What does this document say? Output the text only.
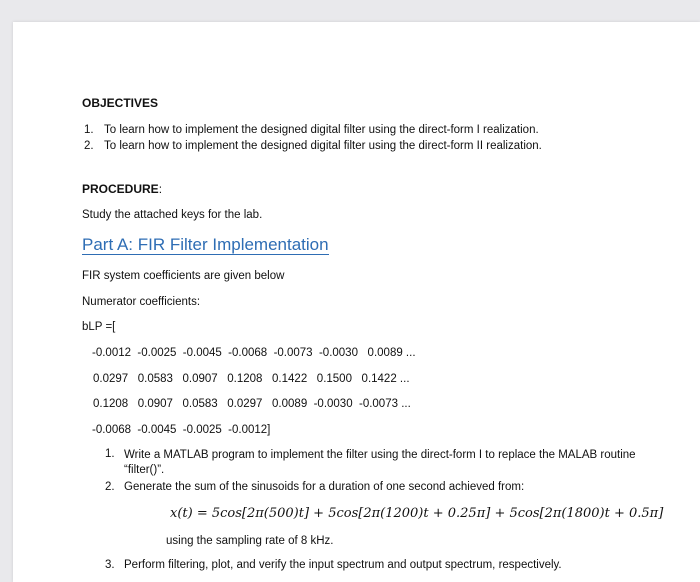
OBJECTIVES
1. To learn how to implement the designed digital filter using the direct-form I realization.
2. To learn how to implement the designed digital filter using the direct-form II realization.
PROCEDURE:
Study the attached keys for the lab.
Part A: FIR Filter Implementation
FIR system coefficients are given below
Numerator coefficients:
bLP =[
-0.0012  -0.0025  -0.0045  -0.0068  -0.0073  -0.0030   0.0089 ...
0.0297   0.0583   0.0907   0.1208   0.1422   0.1500   0.1422 ...
0.1208   0.0907   0.0583   0.0297   0.0089  -0.0030  -0.0073 ...
-0.0068  -0.0045  -0.0025  -0.0012]
1. Write a MATLAB program to implement the filter using the direct-form I to replace the MALAB routine “filter()”.
2. Generate the sum of the sinusoids for a duration of one second achieved from:
x(t) = 5cos[2π(500)t] + 5cos[2π(1200)t + 0.25π] + 5cos[2π(1800)t + 0.5π]
using the sampling rate of 8 kHz.
3. Perform filtering, plot, and verify the input spectrum and output spectrum, respectively.
